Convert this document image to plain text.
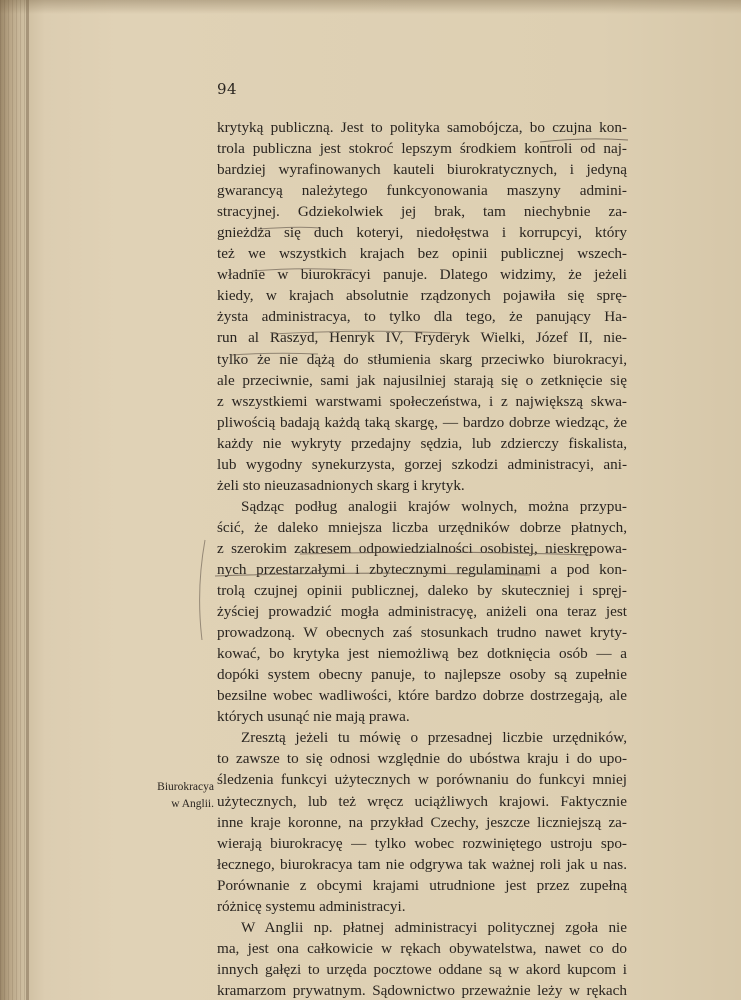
94
krytyką publiczną. Jest to polityka samobójcza, bo czujna kon-
trola publiczna jest stokroć lepszym środkiem kontroli od naj-
bardziej wyrafinowanych kauteli biurokratycznych, i jedyną
gwarancyą należytego funkcyonowania maszyny admini-
stracyjnej. Gdziekolwiek jej brak, tam niechybnie za-
gnieżdża się duch koteryi, niedołęstwa i korrupcyi, który
też we wszystkich krajach bez opinii publicznej wszech-
władnie w biurokracyi panuje. Dlatego widzimy, że jeżeli
kiedy, w krajach absolutnie rządzonych pojawiła się sprę-
żysta administracya, to tylko dla tego, że panujący Ha-
run al Raszyd, Henryk IV, Fryderyk Wielki, Józef II, nie-
tylko że nie dążą do stłumienia skarg przeciwko biurokracyi,
ale przeciwnie, sami jak najusilniej starają się o zetknięcie się
z wszystkiemi warstwami społeczeństwa, i z największą skwa-
pliwością badają każdą taką skargę, — bardzo dobrze wiedząc, że
każdy nie wykryty przedajny sędzia, lub zdzierczy fiskalista,
lub wygodny synekurzysta, gorzej szkodzi administracyi, ani-
żeli sto nieuzasadnionych skarg i krytyk.
Sądząc podług analogii krajów wolnych, można przypu-
ścić, że daleko mniejsza liczba urzędników dobrze płatnych,
z szerokim zakresem odpowiedzialności osobistej, nieskrępowa-
nych przestarzałymi i zbytecznymi regulaminami a pod kon-
trolą czujnej opinii publicznej, daleko by skuteczniej i spręj-
żyściej prowadzić mogła administracyę, aniżeli ona teraz jest
prowadzoną. W obecnych zaś stosunkach trudno nawet kryty-
kować, bo krytyka jest niemożliwą bez dotknięcia osób — a
dopóki system obecny panuje, to najlepsze osoby są zupełnie
bezsilne wobec wadliwości, które bardzo dobrze dostrzegają, ale
których usunąć nie mają prawa.
Zresztą jeżeli tu mówię o przesadnej liczbie urzędników,
to zawsze to się odnosi względnie do ubóstwa kraju i do upo-
śledzenia funkcyi użytecznych w porównaniu do funkcyi mniej
użytecznych, lub też wręcz uciążliwych krajowi. Faktycznie
inne kraje koronne, na przykład Czechy, jeszcze liczniejszą za-
wierają biurokracyę — tylko wobec rozwiniętego ustroju spo-
łecznego, biurokracya tam nie odgrywa tak ważnej roli jak u nas.
Porównanie z obcymi krajami utrudnione jest przez zupełną
różnicę systemu administracyi.
W Anglii np. płatnej administracyi politycznej zgoła nie
ma, jest ona całkowicie w rękach obywatelstwa, nawet co do
innych gałęzi to urzęda pocztowe oddane są w akord kupcom i
kramarzom prywatnym. Sądownictwo przeważnie leży w rękach
Biurokracya
w Anglii.
